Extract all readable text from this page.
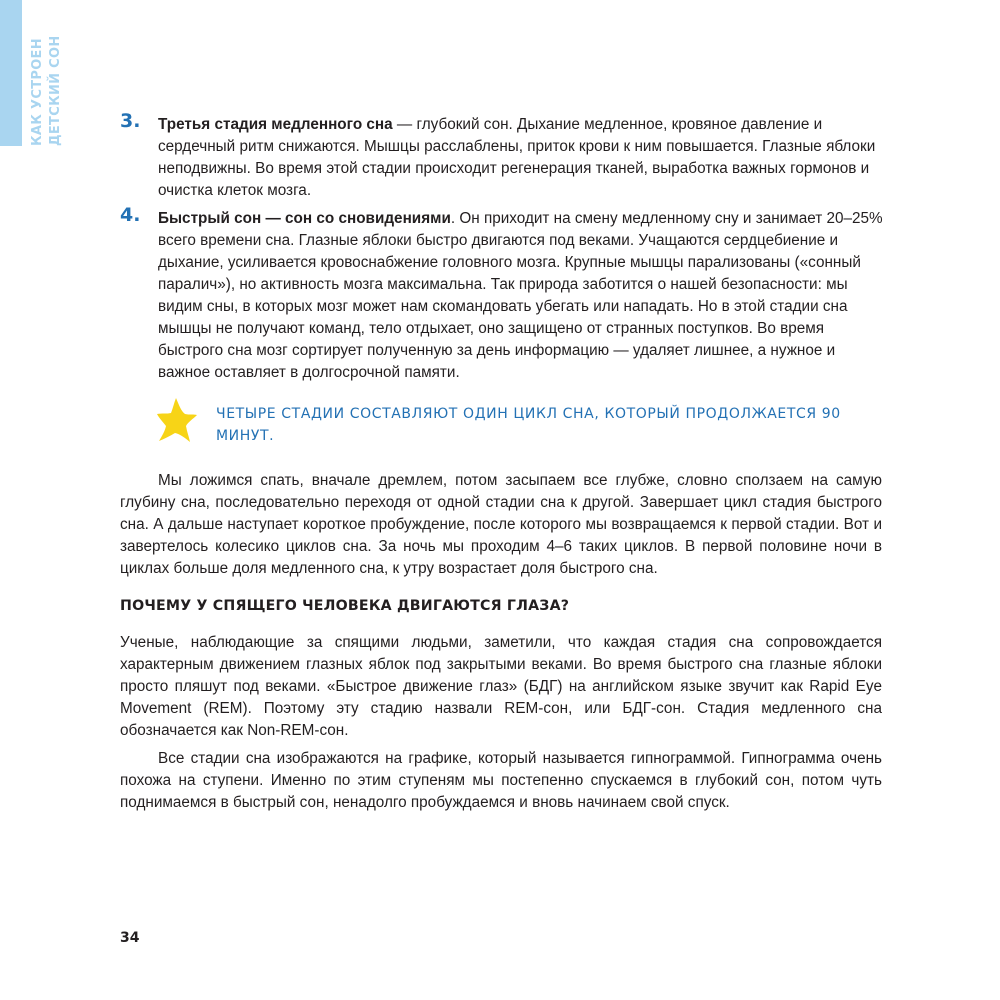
КАК УСТРОЕН ДЕТСКИЙ СОН	3. Третья стадия медленного сна — глубокий сон. Дыхание медленное, кровяное давление и сердечный ритм снижаются. Мышцы расслаблены, приток крови к ним повышается. Глазные яблоки неподвижны. Во время этой стадии происходит регенерация тканей, выработка важных гормонов и очистка клеток мозга.
4. Быстрый сон — сон со сновидениями. Он приходит на смену медленному сну и занимает 20–25% всего времени сна. Глазные яблоки быстро двигаются под веками. Учащаются сердцебиение и дыхание, усиливается кровоснабжение головного мозга. Крупные мышцы парализованы («сонный паралич»), но активность мозга максимальна. Так природа заботится о нашей безопасности: мы видим сны, в которых мозг может нам скомандовать убегать или нападать. Но в этой стадии сна мышцы не получают команд, тело отдыхает, оно защищено от странных поступков. Во время быстрого сна мозг сортирует полученную за день информацию — удаляет лишнее, а нужное и важное оставляет в долгосрочной памяти.
ЧЕТЫРЕ СТАДИИ СОСТАВЛЯЮТ ОДИН ЦИКЛ СНА, КОТОРЫЙ ПРОДОЛЖАЕТСЯ 90 МИНУТ.
Мы ложимся спать, вначале дремлем, потом засыпаем все глубже, словно сползаем на самую глубину сна, последовательно переходя от одной стадии сна к другой. Завершает цикл стадия быстрого сна. А дальше наступает короткое пробуждение, после которого мы возвращаемся к первой стадии. Вот и завертелось колесико циклов сна. За ночь мы проходим 4–6 таких циклов. В первой половине ночи в циклах больше доля медленного сна, к утру возрастает доля быстрого сна.
ПОЧЕМУ У СПЯЩЕГО ЧЕЛОВЕКА ДВИГАЮТСЯ ГЛАЗА?
Ученые, наблюдающие за спящими людьми, заметили, что каждая стадия сна сопровождается характерным движением глазных яблок под закрытыми веками. Во время быстрого сна глазные яблоки просто пляшут под веками. «Быстрое движение глаз» (БДГ) на английском языке звучит как Rapid Eye Movement (REM). Поэтому эту стадию назвали REM-сон, или БДГ-сон. Стадия медленного сна обозначается как Non-REM-сон.
Все стадии сна изображаются на графике, который называется гипнограммой. Гипнограмма очень похожа на ступени. Именно по этим ступеням мы постепенно спускаемся в глубокий сон, потом чуть поднимаемся в быстрый сон, ненадолго пробуждаемся и вновь начинаем свой спуск.
34
